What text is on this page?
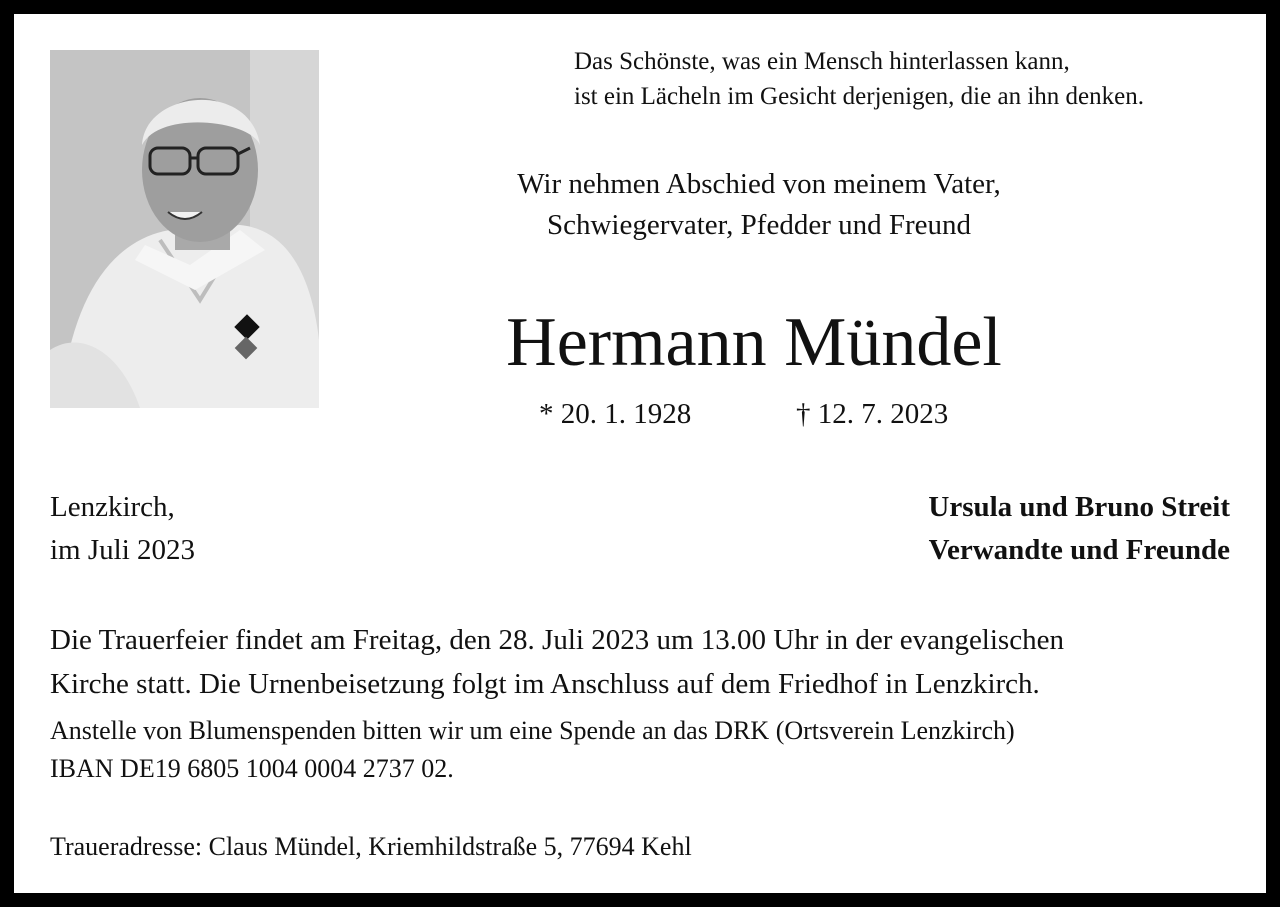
Das Schönste, was ein Mensch hinterlassen kann,
ist ein Lächeln im Gesicht derjenigen, die an ihn denken.
Wir nehmen Abschied von meinem Vater,
Schwiegervater, Pfedder und Freund
Hermann Mündel
* 20. 1. 1928	† 12. 7. 2023
Lenzkirch,
im Juli 2023
Ursula und Bruno Streit
Verwandte und Freunde
Die Trauerfeier findet am Freitag, den 28. Juli 2023 um 13.00 Uhr in der evangelischen
Kirche statt. Die Urnenbeisetzung folgt im Anschluss auf dem Friedhof in Lenzkirch.
Anstelle von Blumenspenden bitten wir um eine Spende an das DRK (Ortsverein Lenzkirch)
IBAN DE19 6805 1004 0004 2737 02.
Traueradresse: Claus Mündel, Kriemhildstraße 5, 77694 Kehl
